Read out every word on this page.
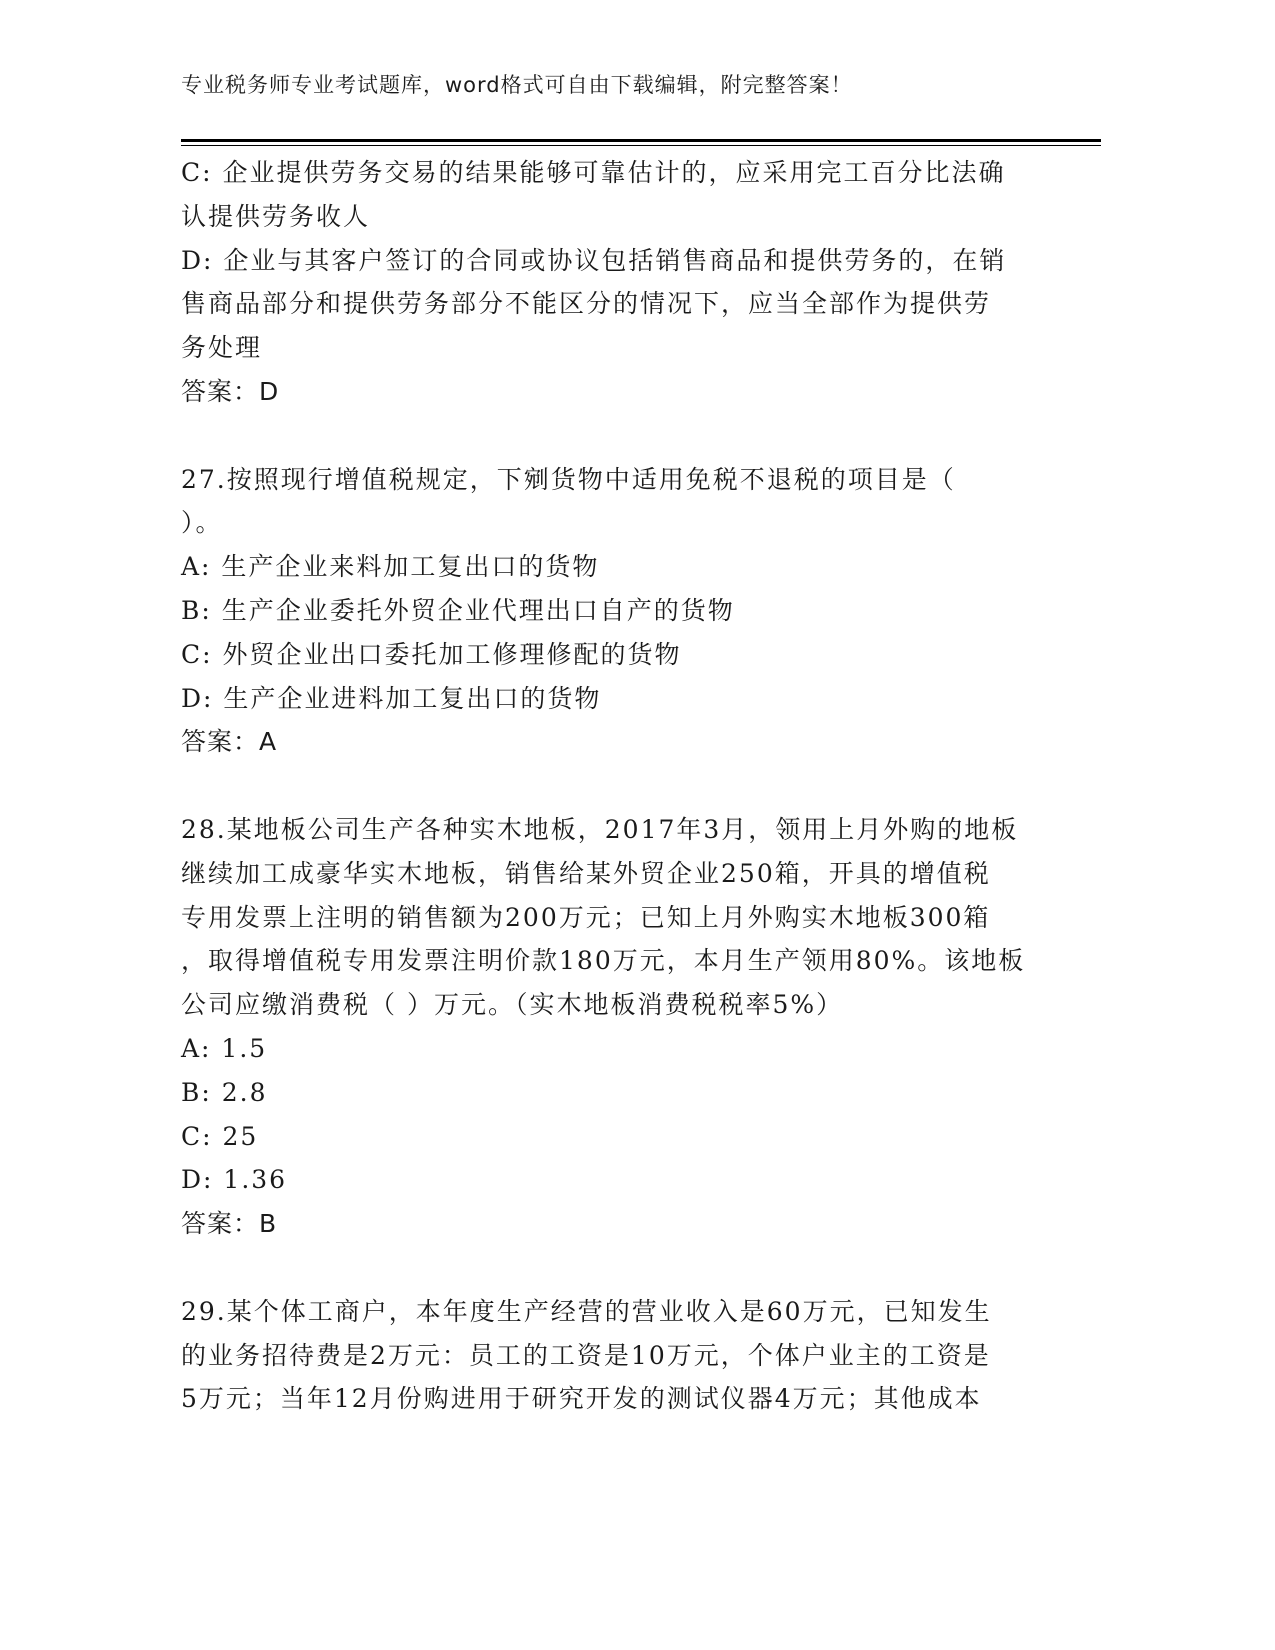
专业税务师专业考试题库，word格式可自由下载编辑，附完整答案！
C: 企业提供劳务交易的结果能够可靠估计的，应采用完工百分比法确
认提供劳务收人
D: 企业与其客户签订的合同或协议包括销售商品和提供劳务的，在销
售商品部分和提供劳务部分不能区分的情况下，应当全部作为提供劳
务处理
答案：D
27.按照现行增值税规定，下剜货物中适用免税不退税的项目是（
）。
A: 生产企业来料加工复出口的货物
B: 生产企业委托外贸企业代理出口自产的货物
C: 外贸企业出口委托加工修理修配的货物
D: 生产企业进料加工复出口的货物
答案：A
28.某地板公司生产各种实木地板，2017年3月，领用上月外购的地板
继续加工成豪华实木地板，销售给某外贸企业250箱，开具的增值税
专用发票上注明的销售额为200万元；已知上月外购实木地板300箱
，取得增值税专用发票注明价款180万元，本月生产领用80%。该地板
公司应缴消费税（ ）万元。（实木地板消费税税率5%）
A: 1.5
B: 2.8
C: 25
D: 1.36
答案：B
29.某个体工商户，本年度生产经营的营业收入是60万元，已知发生
的业务招待费是2万元：员工的工资是10万元，个体户业主的工资是
5万元；当年12月份购进用于研究开发的测试仪器4万元；其他成本
